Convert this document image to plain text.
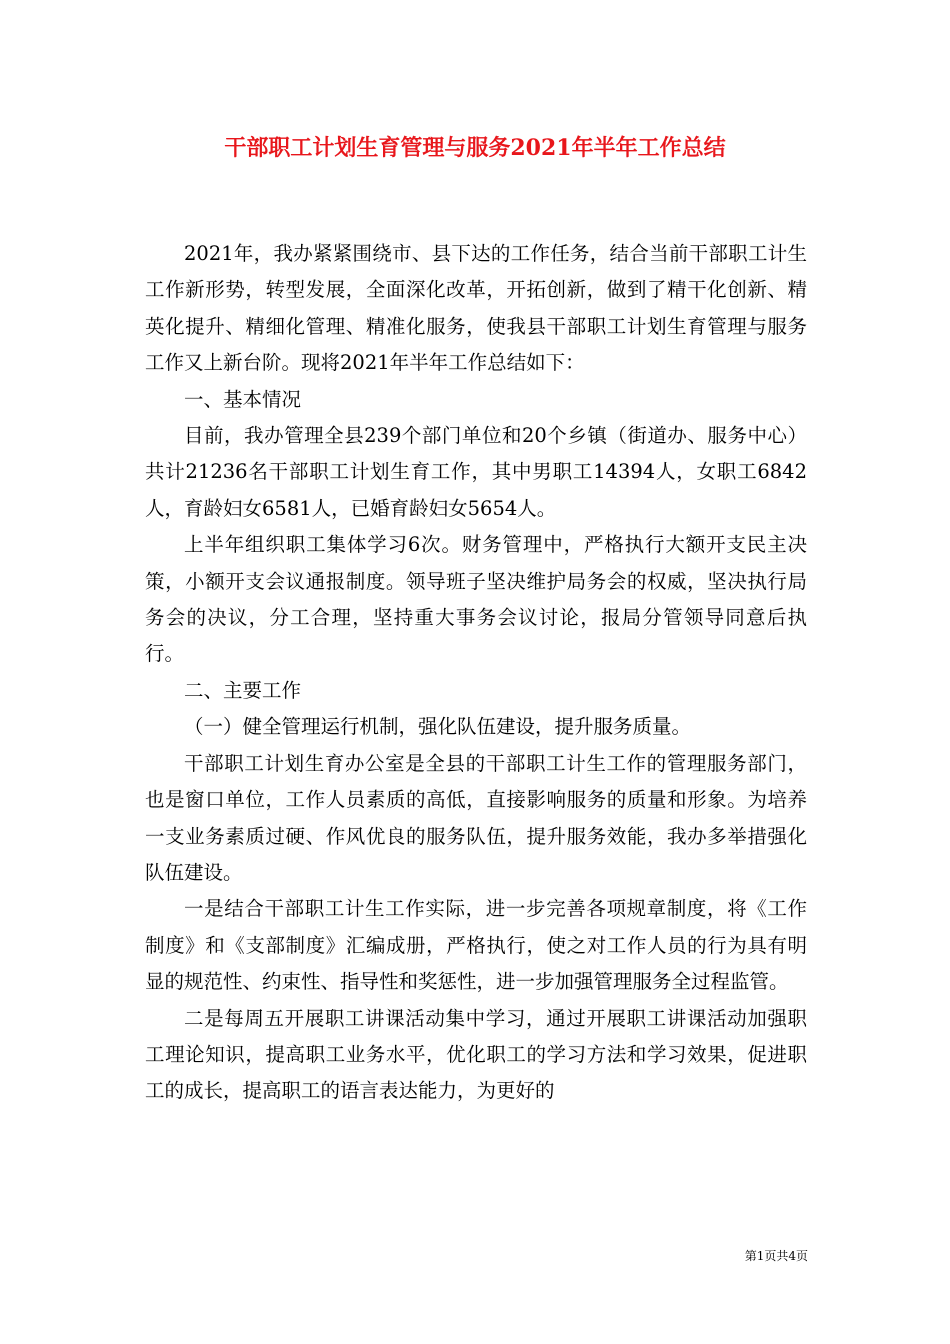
干部职工计划生育管理与服务2021年半年工作总结

2021年，我办紧紧围绕市、县下达的工作任务，结合当前干部职工计生工作新形势，转型发展，全面深化改革，开拓创新，做到了精干化创新、精英化提升、精细化管理、精准化服务，使我县干部职工计划生育管理与服务工作又上新台阶。现将2021年半年工作总结如下：

一、基本情况

目前，我办管理全县239个部门单位和20个乡镇（街道办、服务中心）共计21236名干部职工计划生育工作，其中男职工14394人，女职工6842人，育龄妇女6581人，已婚育龄妇女5654人。

上半年组织职工集体学习6次。财务管理中，严格执行大额开支民主决策，小额开支会议通报制度。领导班子坚决维护局务会的权威，坚决执行局务会的决议，分工合理，坚持重大事务会议讨论，报局分管领导同意后执行。

二、主要工作

（一）健全管理运行机制，强化队伍建设，提升服务质量。

干部职工计划生育办公室是全县的干部职工计生工作的管理服务部门，也是窗口单位，工作人员素质的高低，直接影响服务的质量和形象。为培养一支业务素质过硬、作风优良的服务队伍，提升服务效能，我办多举措强化队伍建设。

一是结合干部职工计生工作实际，进一步完善各项规章制度，将《工作制度》和《支部制度》汇编成册，严格执行，使之对工作人员的行为具有明显的规范性、约束性、指导性和奖惩性，进一步加强管理服务全过程监管。

二是每周五开展职工讲课活动集中学习，通过开展职工讲课活动加强职工理论知识，提高职工业务水平，优化职工的学习方法和学习效果，促进职工的成长，提高职工的语言表达能力，为更好的

第1页共4页
